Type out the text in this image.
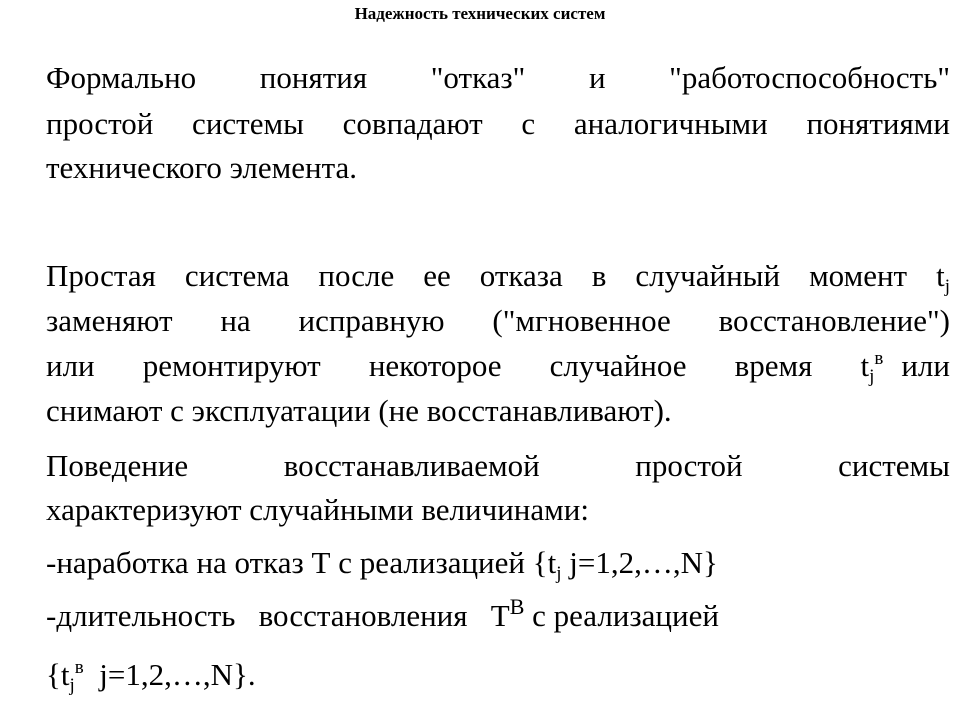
Надежность технических систем
Формально понятия "отказ" и "работоспособность"
простой системы совпадают с аналогичными понятиями
технического элемента.
Простая система после ее отказа в случайный момент $t_j$
заменяют на исправную ("мгновенное восстановление")
или ремонтируют некоторое случайное время $t_j^в$ или
снимают с эксплуатации (не восстанавливают).
Поведение восстанавливаемой простой системы
характеризуют случайными величинами:
-наработка на отказ Т с реализацией {$t_j$ j=1,2,…,N}
-длительность   восстановления   $Т^В$ с реализацией
{$t_j^в$  j=1,2,…,N}.
